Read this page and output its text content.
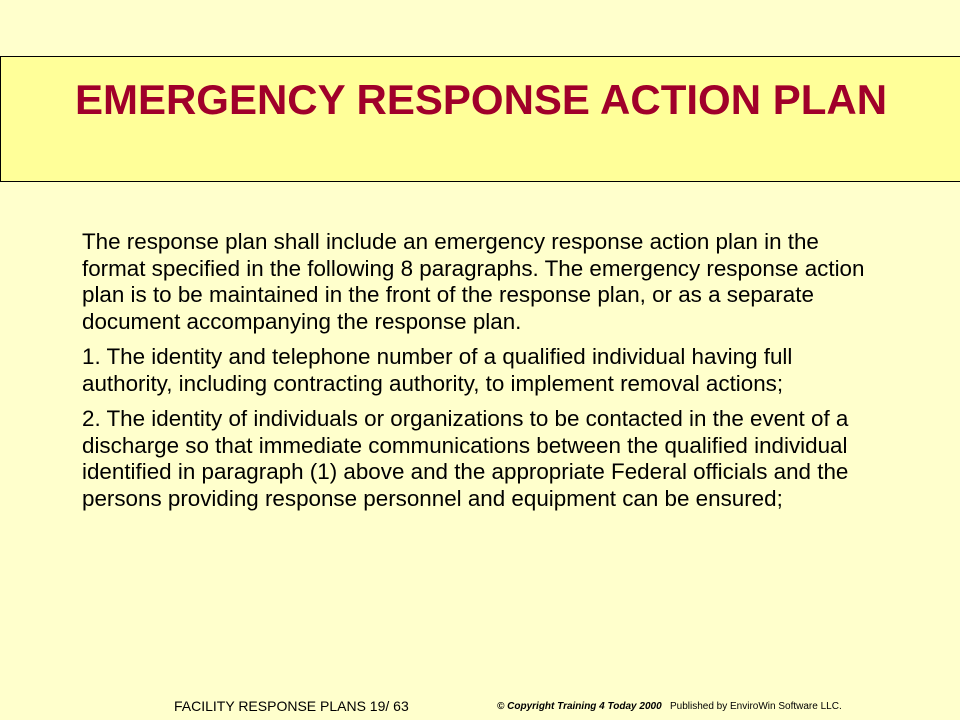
EMERGENCY RESPONSE ACTION PLAN

The response plan shall include an emergency response action plan in the format specified in the following 8 paragraphs. The emergency response action plan is to be maintained in the front of the response plan, or as a separate document accompanying the response plan.

1. The identity and telephone number of a qualified individual having full authority, including contracting authority, to implement removal actions;

2. The identity of individuals or organizations to be contacted in the event of a discharge so that immediate communications between the qualified individual identified in paragraph (1) above and the appropriate Federal officials and the persons providing response personnel and equipment can be ensured;

FACILITY RESPONSE PLANS 19/ 63	© Copyright Training 4 Today 2000 Published by EnviroWin Software LLC.
